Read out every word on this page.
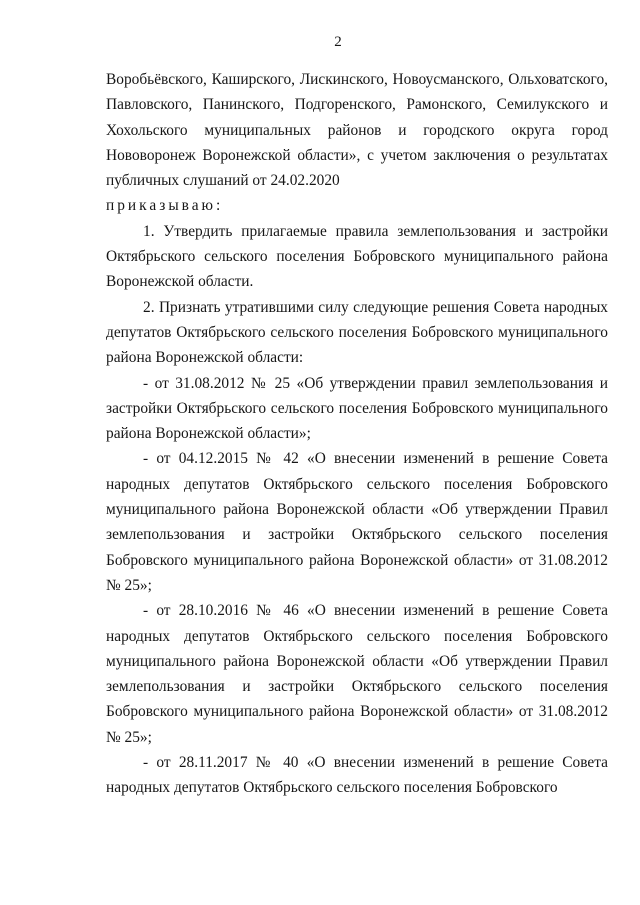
2

Воробьёвского, Каширского, Лискинского, Новоусманского, Ольховатского, Павловского, Панинского, Подгоренского, Рамонского, Семилукского и Хохольского муниципальных районов и городского округа город Нововоронеж Воронежской области», с учетом заключения о результатах публичных слушаний от 24.02.2020

приказываю:

1. Утвердить прилагаемые правила землепользования и застройки Октябрьского сельского поселения Бобровского муниципального района Воронежской области.

2. Признать утратившими силу следующие решения Совета народных депутатов Октябрьского сельского поселения Бобровского муниципального района Воронежской области:

- от 31.08.2012 № 25 «Об утверждении правил землепользования и застройки Октябрьского сельского поселения Бобровского муниципального района Воронежской области»;

- от 04.12.2015 № 42 «О внесении изменений в решение Совета народных депутатов Октябрьского сельского поселения Бобровского муниципального района Воронежской области «Об утверждении Правил землепользования и застройки Октябрьского сельского поселения Бобровского муниципального района Воронежской области» от 31.08.2012 № 25»;

- от 28.10.2016 № 46 «О внесении изменений в решение Совета народных депутатов Октябрьского сельского поселения Бобровского муниципального района Воронежской области «Об утверждении Правил землепользования и застройки Октябрьского сельского поселения Бобровского муниципального района Воронежской области» от 31.08.2012 № 25»;

- от 28.11.2017 № 40 «О внесении изменений в решение Совета народных депутатов Октябрьского сельского поселения Бобровского
